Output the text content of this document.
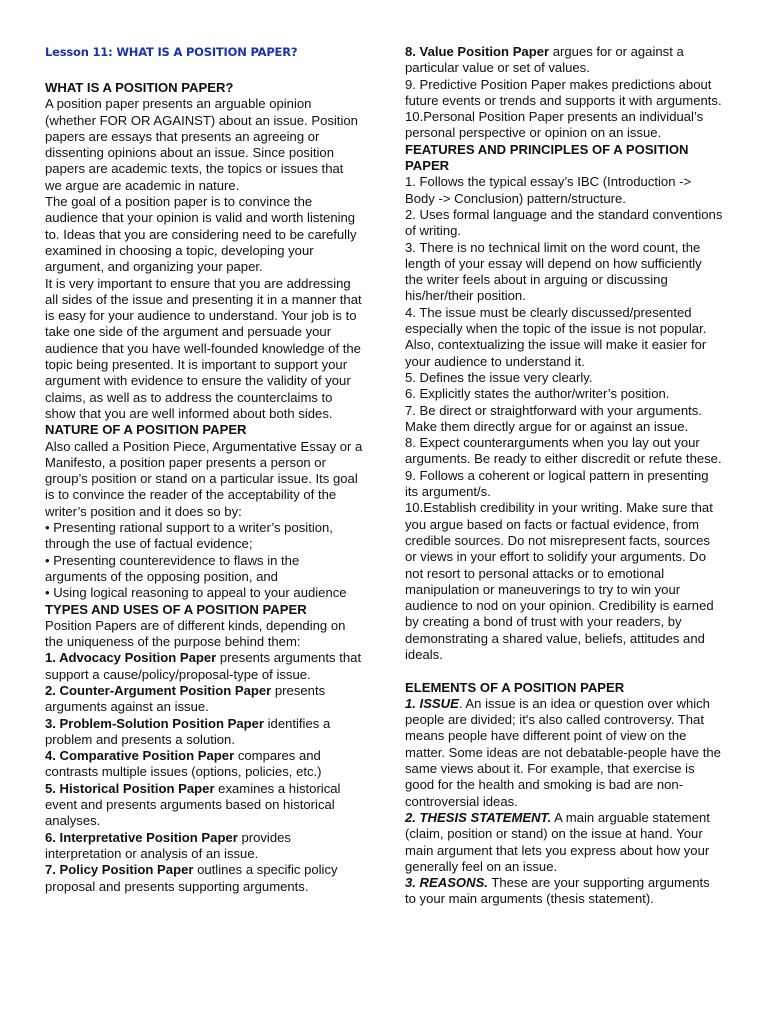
Lesson 11: WHAT IS A POSITION PAPER?

WHAT IS A POSITION PAPER?

A position paper presents an arguable opinion (whether FOR OR AGAINST) about an issue. Position papers are essays that presents an agreeing or dissenting opinions about an issue. Since position papers are academic texts, the topics or issues that we argue are academic in nature.

The goal of a position paper is to convince the audience that your opinion is valid and worth listening to. Ideas that you are considering need to be carefully examined in choosing a topic, developing your argument, and organizing your paper.

It is very important to ensure that you are addressing all sides of the issue and presenting it in a manner that is easy for your audience to understand. Your job is to take one side of the argument and persuade your audience that you have well-founded knowledge of the topic being presented. It is important to support your argument with evidence to ensure the validity of your claims, as well as to address the counterclaims to show that you are well informed about both sides.

NATURE OF A POSITION PAPER

Also called a Position Piece, Argumentative Essay or a Manifesto, a position paper presents a person or group’s position or stand on a particular issue. Its goal is to convince the reader of the acceptability of the writer’s position and it does so by:

• Presenting rational support to a writer’s position, through the use of factual evidence;

• Presenting counterevidence to flaws in the arguments of the opposing position, and

• Using logical reasoning to appeal to your audience

TYPES AND USES OF A POSITION PAPER

Position Papers are of different kinds, depending on the uniqueness of the purpose behind them:

1. Advocacy Position Paper presents arguments that support a cause/policy/proposal-type of issue.

2. Counter-Argument Position Paper presents arguments against an issue.

3. Problem-Solution Position Paper identifies a problem and presents a solution.

4. Comparative Position Paper compares and contrasts multiple issues (options, policies, etc.)

5. Historical Position Paper examines a historical event and presents arguments based on historical analyses.

6. Interpretative Position Paper provides interpretation or analysis of an issue.

7. Policy Position Paper outlines a specific policy proposal and presents supporting arguments.

8. Value Position Paper argues for or against a particular value or set of values.

9. Predictive Position Paper makes predictions about future events or trends and supports it with arguments.

10.Personal Position Paper presents an individual’s personal perspective or opinion on an issue.

FEATURES AND PRINCIPLES OF A POSITION PAPER

1. Follows the typical essay’s IBC (Introduction -> Body -> Conclusion) pattern/structure.

2. Uses formal language and the standard conventions of writing.

3. There is no technical limit on the word count, the length of your essay will depend on how sufficiently the writer feels about in arguing or discussing his/her/their position.

4. The issue must be clearly discussed/presented especially when the topic of the issue is not popular. Also, contextualizing the issue will make it easier for your audience to understand it.

5. Defines the issue very clearly.

6. Explicitly states the author/writer’s position.

7. Be direct or straightforward with your arguments. Make them directly argue for or against an issue.

8. Expect counterarguments when you lay out your arguments. Be ready to either discredit or refute these.

9. Follows a coherent or logical pattern in presenting its argument/s.

10.Establish credibility in your writing. Make sure that you argue based on facts or factual evidence, from credible sources. Do not misrepresent facts, sources or views in your effort to solidify your arguments. Do not resort to personal attacks or to emotional manipulation or maneuverings to try to win your audience to nod on your opinion. Credibility is earned by creating a bond of trust with your readers, by demonstrating a shared value, beliefs, attitudes and ideals.

ELEMENTS OF A POSITION PAPER

1. ISSUE. An issue is an idea or question over which people are divided; it's also called controversy. That means people have different point of view on the matter. Some ideas are not debatable-people have the same views about it. For example, that exercise is good for the health and smoking is bad are non-controversial ideas.

2. THESIS STATEMENT. A main arguable statement (claim, position or stand) on the issue at hand. Your main argument that lets you express about how your generally feel on an issue.

3. REASONS. These are your supporting arguments to your main arguments (thesis statement).
